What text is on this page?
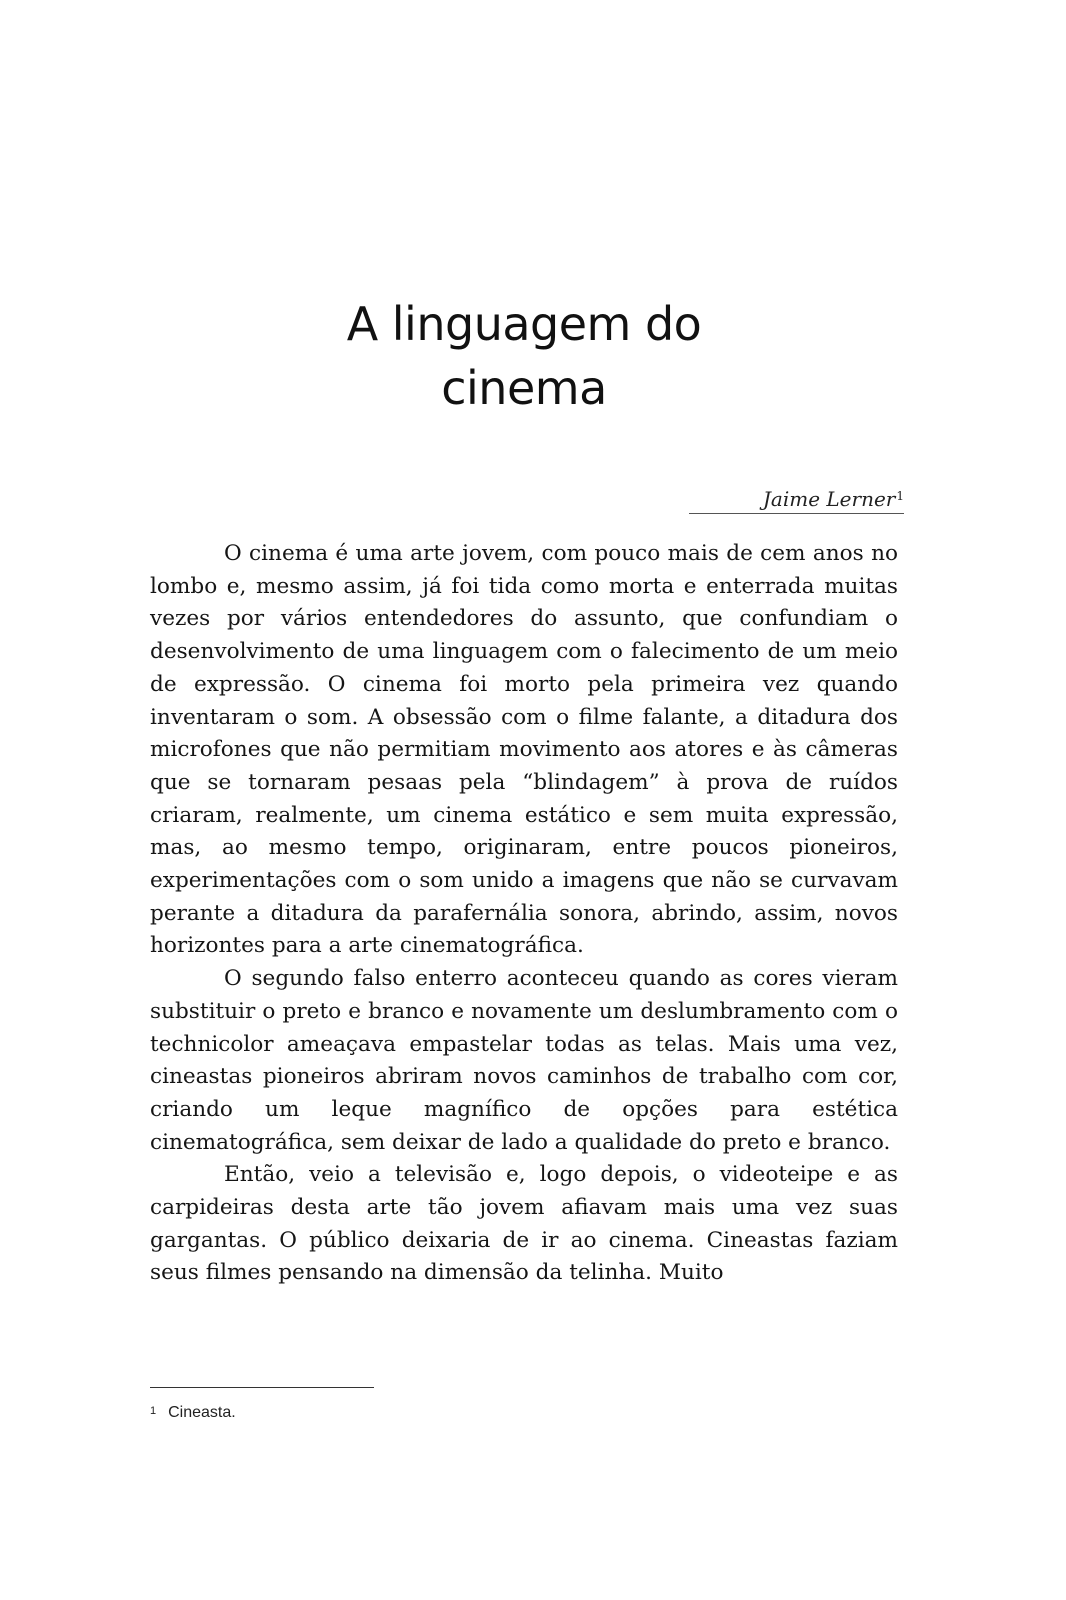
A linguagem do
cinema
Jaime Lerner$^1$

O cinema é uma arte jovem, com pouco mais de cem anos no lombo e, mesmo assim, já foi tida como morta e enterrada muitas vezes por vários entendedores do assunto, que confundiam o desenvolvimento de uma linguagem com o falecimento de um meio de expressão. O cinema foi morto pela primeira vez quando inventaram o som. A obsessão com o filme falante, a ditadura dos microfones que não permitiam movimento aos atores e às câmeras que se tornaram pesaas pela “blindagem” à prova de ruídos criaram, realmente, um cinema estático e sem muita expressão, mas, ao mesmo tempo, originaram, entre poucos pioneiros, experimentações com o som unido a imagens que não se curvavam perante a ditadura da parafernália sonora, abrindo, assim, novos horizontes para a arte cinematográfica.

O segundo falso enterro aconteceu quando as cores vieram substituir o preto e branco e novamente um deslumbramento com o technicolor ameaçava empastelar todas as telas. Mais uma vez, cineastas pioneiros abriram novos caminhos de trabalho com cor, criando um leque magnífico de opções para estética cinematográfica, sem deixar de lado a qualidade do preto e branco.

Então, veio a televisão e, logo depois, o videoteipe e as carpideiras desta arte tão jovem afiavam mais uma vez suas gargantas. O público deixaria de ir ao cinema. Cineastas faziam seus filmes pensando na dimensão da telinha. Muito

$^1$ Cineasta.
